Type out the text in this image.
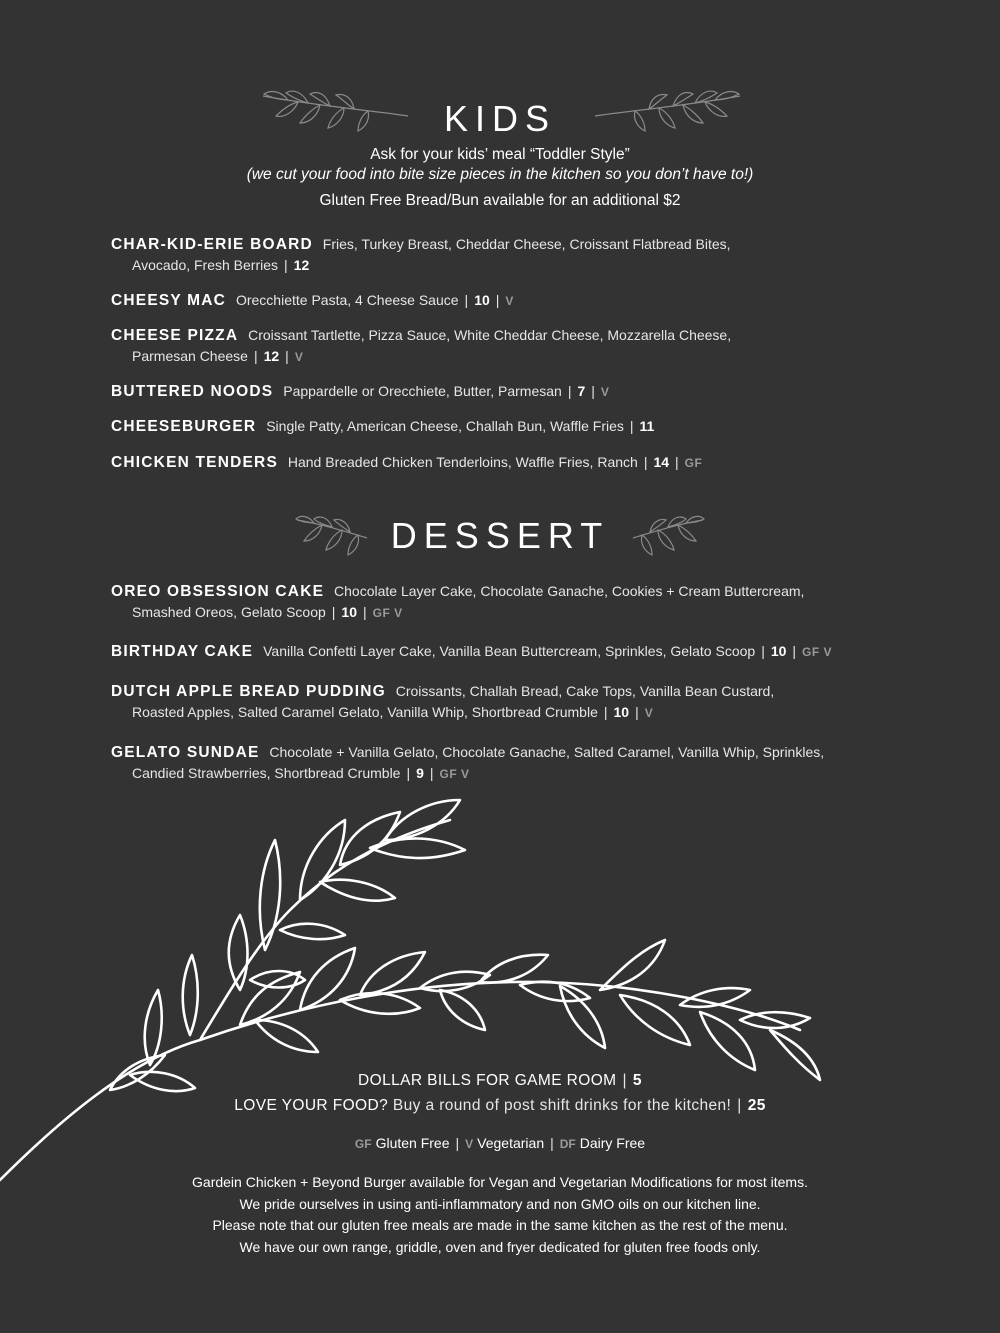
KIDS
Ask for your kids’ meal “Toddler Style”
(we cut your food into bite size pieces in the kitchen so you don’t have to!)
Gluten Free Bread/Bun available for an additional $2
CHAR-KID-ERIE BOARD Fries, Turkey Breast, Cheddar Cheese, Croissant Flatbread Bites,
Avocado, Fresh Berries | 12
CHEESY MAC Orecchiette Pasta, 4 Cheese Sauce | 10 | V
CHEESE PIZZA Croissant Tartlette, Pizza Sauce, White Cheddar Cheese, Mozzarella Cheese,
Parmesan Cheese | 12 | V
BUTTERED NOODS Pappardelle or Orecchiete, Butter, Parmesan | 7 | V
CHEESEBURGER Single Patty, American Cheese, Challah Bun, Waffle Fries | 11
CHICKEN TENDERS Hand Breaded Chicken Tenderloins, Waffle Fries, Ranch | 14 | GF
DESSERT
OREO OBSESSION CAKE Chocolate Layer Cake, Chocolate Ganache, Cookies + Cream Buttercream,
Smashed Oreos, Gelato Scoop | 10 | GF V
BIRTHDAY CAKE Vanilla Confetti Layer Cake, Vanilla Bean Buttercream, Sprinkles, Gelato Scoop | 10 | GF V
DUTCH APPLE BREAD PUDDING Croissants, Challah Bread, Cake Tops, Vanilla Bean Custard,
Roasted Apples, Salted Caramel Gelato, Vanilla Whip, Shortbread Crumble | 10 | V
GELATO SUNDAE Chocolate + Vanilla Gelato, Chocolate Ganache, Salted Caramel, Vanilla Whip, Sprinkles,
Candied Strawberries, Shortbread Crumble | 9 | GF V
DOLLAR BILLS FOR GAME ROOM | 5
LOVE YOUR FOOD? Buy a round of post shift drinks for the kitchen! | 25
GF Gluten Free | V Vegetarian | DF Dairy Free
Gardein Chicken + Beyond Burger available for Vegan and Vegetarian Modifications for most items.
We pride ourselves in using anti-inflammatory and non GMO oils on our kitchen line.
Please note that our gluten free meals are made in the same kitchen as the rest of the menu.
We have our own range, griddle, oven and fryer dedicated for gluten free foods only.
